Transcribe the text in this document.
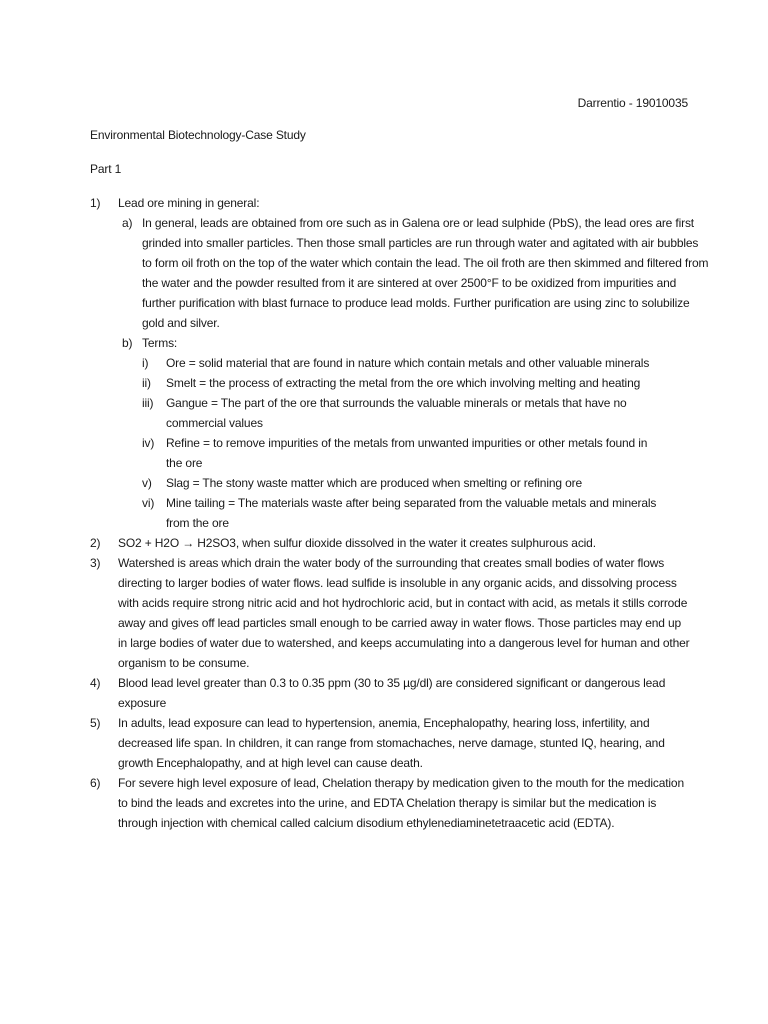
Darrentio - 19010035
Environmental Biotechnology-Case Study
Part 1
1) Lead ore mining in general:
a) In general, leads are obtained from ore such as in Galena ore or lead sulphide (PbS), the lead ores are first grinded into smaller particles. Then those small particles are run through water and agitated with air bubbles to form oil froth on the top of the water which contain the lead. The oil froth are then skimmed and filtered from the water and the powder resulted from it are sintered at over 2500°F to be oxidized from impurities and further purification with blast furnace to produce lead molds. Further purification are using zinc to solubilize gold and silver.
b) Terms:
i) Ore = solid material that are found in nature which contain metals and other valuable minerals
ii) Smelt = the process of extracting the metal from the ore which involving melting and heating
iii) Gangue = The part of the ore that surrounds the valuable minerals or metals that have no commercial values
iv) Refine = to remove impurities of the metals from unwanted impurities or other metals found in the ore
v) Slag = The stony waste matter which are produced when smelting or refining ore
vi) Mine tailing = The materials waste after being separated from the valuable metals and minerals from the ore
2) SO2 + H2O → H2SO3, when sulfur dioxide dissolved in the water it creates sulphurous acid.
3) Watershed is areas which drain the water body of the surrounding that creates small bodies of water flows directing to larger bodies of water flows. lead sulfide is insoluble in any organic acids, and dissolving process with acids require strong nitric acid and hot hydrochloric acid, but in contact with acid, as metals it stills corrode away and gives off lead particles small enough to be carried away in water flows. Those particles may end up in large bodies of water due to watershed, and keeps accumulating into a dangerous level for human and other organism to be consume.
4) Blood lead level greater than 0.3 to 0.35 ppm (30 to 35 µg/dl) are considered significant or dangerous lead exposure
5) In adults, lead exposure can lead to hypertension, anemia, Encephalopathy, hearing loss, infertility, and decreased life span. In children, it can range from stomachaches, nerve damage, stunted IQ, hearing, and growth Encephalopathy, and at high level can cause death.
6) For severe high level exposure of lead, Chelation therapy by medication given to the mouth for the medication to bind the leads and excretes into the urine, and EDTA Chelation therapy is similar but the medication is through injection with chemical called calcium disodium ethylenediaminetetraacetic acid (EDTA).
